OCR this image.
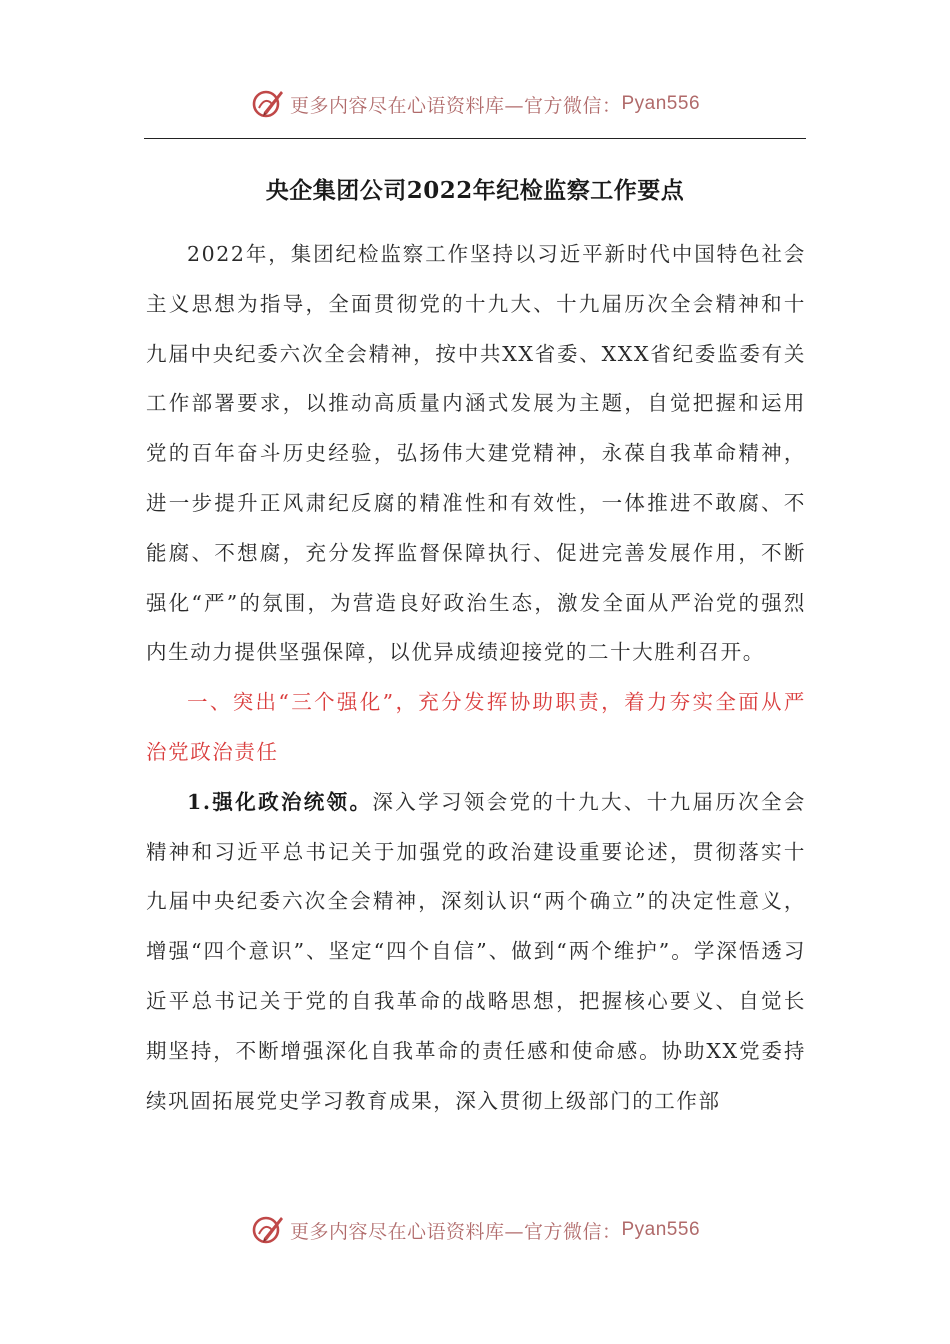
更多内容尽在心语资料库—官方微信： Pyan556
央企集团公司2022年纪检监察工作要点

2022年，集团纪检监察工作坚持以习近平新时代中国特色社会主义思想为指导，全面贯彻党的十九大、十九届历次全会精神和十九届中央纪委六次全会精神，按中共XX省委、XXX省纪委监委有关工作部署要求，以推动高质量内涵式发展为主题，自觉把握和运用党的百年奋斗历史经验，弘扬伟大建党精神，永葆自我革命精神，进一步提升正风肃纪反腐的精准性和有效性，一体推进不敢腐、不能腐、不想腐，充分发挥监督保障执行、促进完善发展作用，不断强化“严”的氛围，为营造良好政治生态，激发全面从严治党的强烈内生动力提供坚强保障，以优异成绩迎接党的二十大胜利召开。

一、突出“三个强化”，充分发挥协助职责，着力夯实全面从严治党政治责任

1.强化政治统领。深入学习领会党的十九大、十九届历次全会精神和习近平总书记关于加强党的政治建设重要论述，贯彻落实十九届中央纪委六次全会精神，深刻认识“两个确立”的决定性意义，增强“四个意识”、坚定“四个自信”、做到“两个维护”。学深悟透习近平总书记关于党的自我革命的战略思想，把握核心要义、自觉长期坚持，不断增强深化自我革命的责任感和使命感。协助XX党委持续巩固拓展党史学习教育成果，深入贯彻上级部门的工作部

更多内容尽在心语资料库—官方微信： Pyan556
